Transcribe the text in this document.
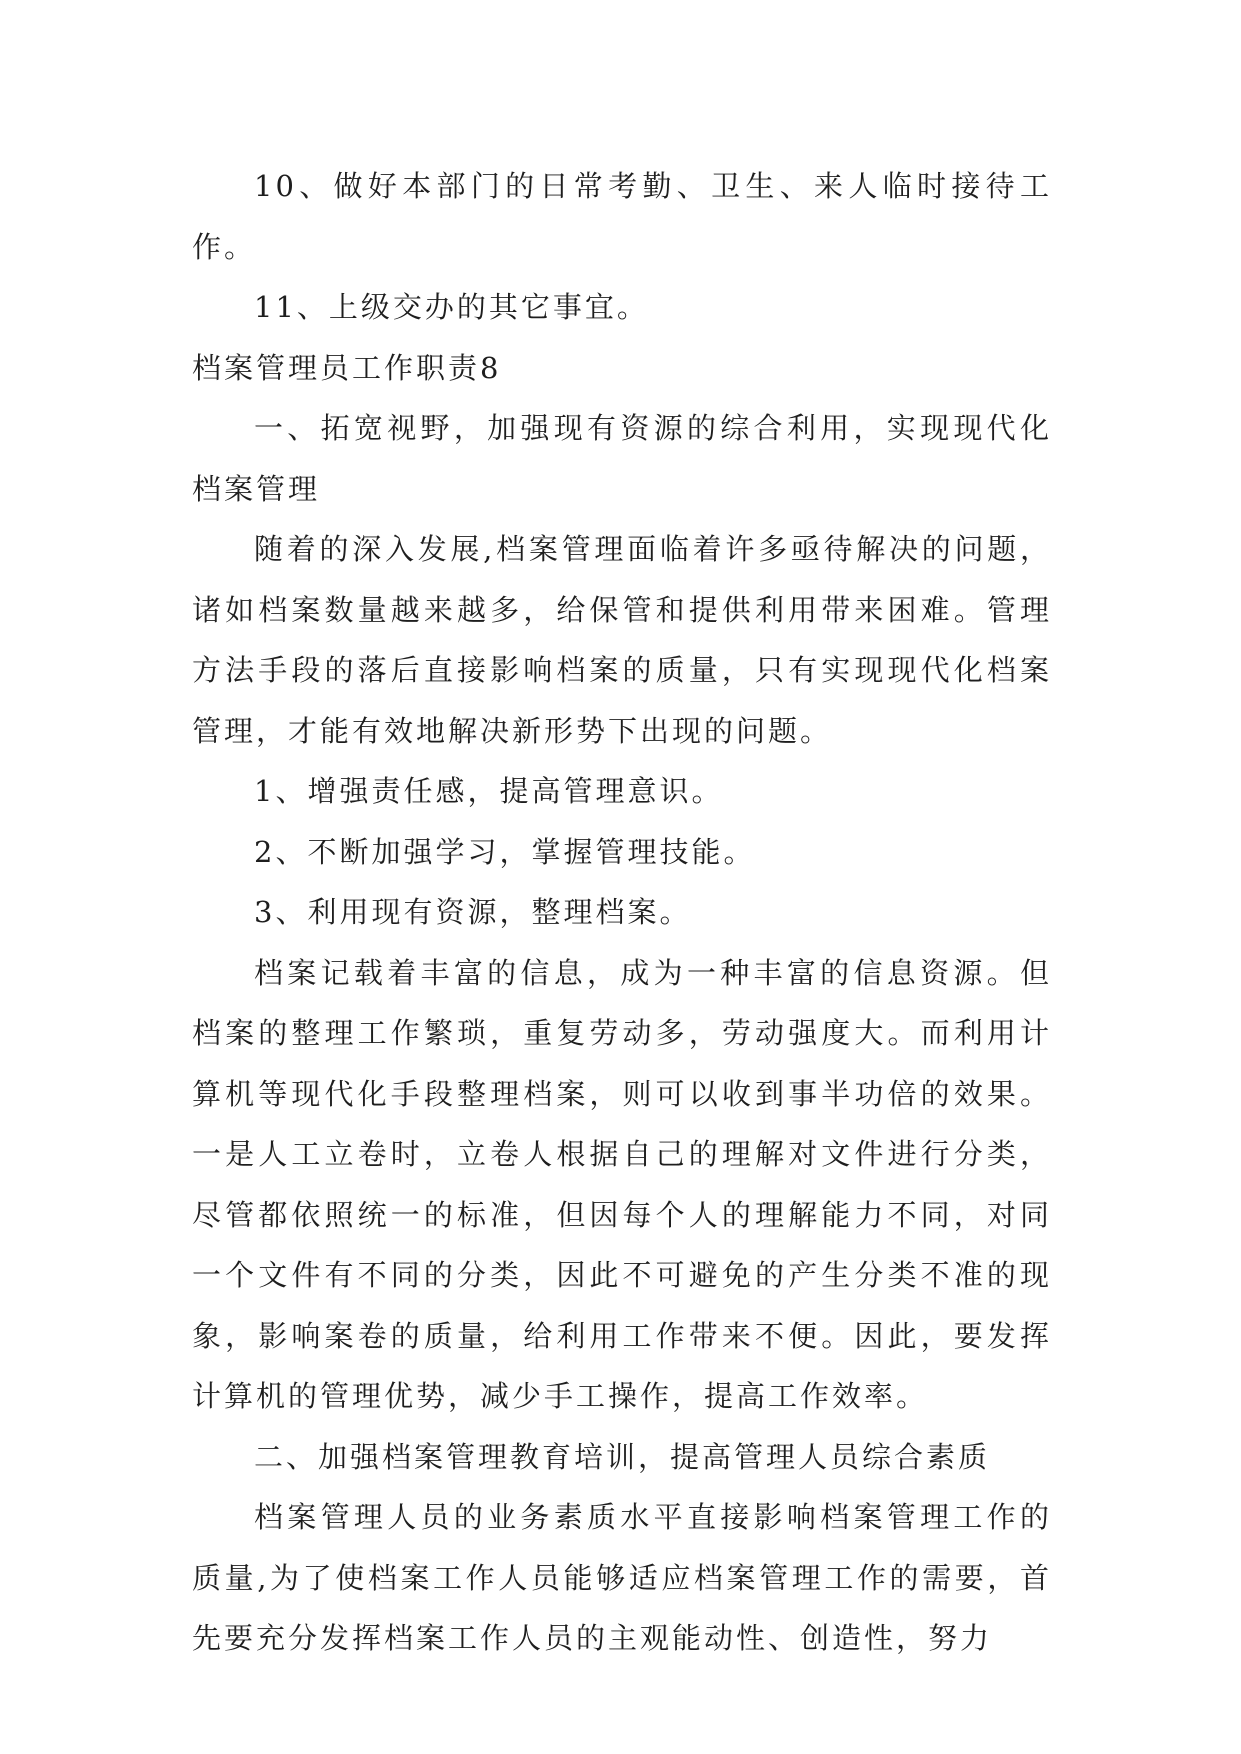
10、做好本部门的日常考勤、卫生、来人临时接待工作。

11、上级交办的其它事宜。

档案管理员工作职责8

一、拓宽视野，加强现有资源的综合利用，实现现代化档案管理

随着的深入发展,档案管理面临着许多亟待解决的问题，诸如档案数量越来越多，给保管和提供利用带来困难。管理方法手段的落后直接影响档案的质量，只有实现现代化档案管理，才能有效地解决新形势下出现的问题。

1、增强责任感，提高管理意识。

2、不断加强学习，掌握管理技能。

3、利用现有资源，整理档案。

档案记载着丰富的信息，成为一种丰富的信息资源。但档案的整理工作繁琐，重复劳动多，劳动强度大。而利用计算机等现代化手段整理档案，则可以收到事半功倍的效果。一是人工立卷时，立卷人根据自己的理解对文件进行分类，尽管都依照统一的标准，但因每个人的理解能力不同，对同一个文件有不同的分类，因此不可避免的产生分类不准的现象，影响案卷的质量，给利用工作带来不便。因此，要发挥计算机的管理优势，减少手工操作，提高工作效率。

二、加强档案管理教育培训，提高管理人员综合素质

档案管理人员的业务素质水平直接影响档案管理工作的质量,为了使档案工作人员能够适应档案管理工作的需要，首先要充分发挥档案工作人员的主观能动性、创造性，努力
